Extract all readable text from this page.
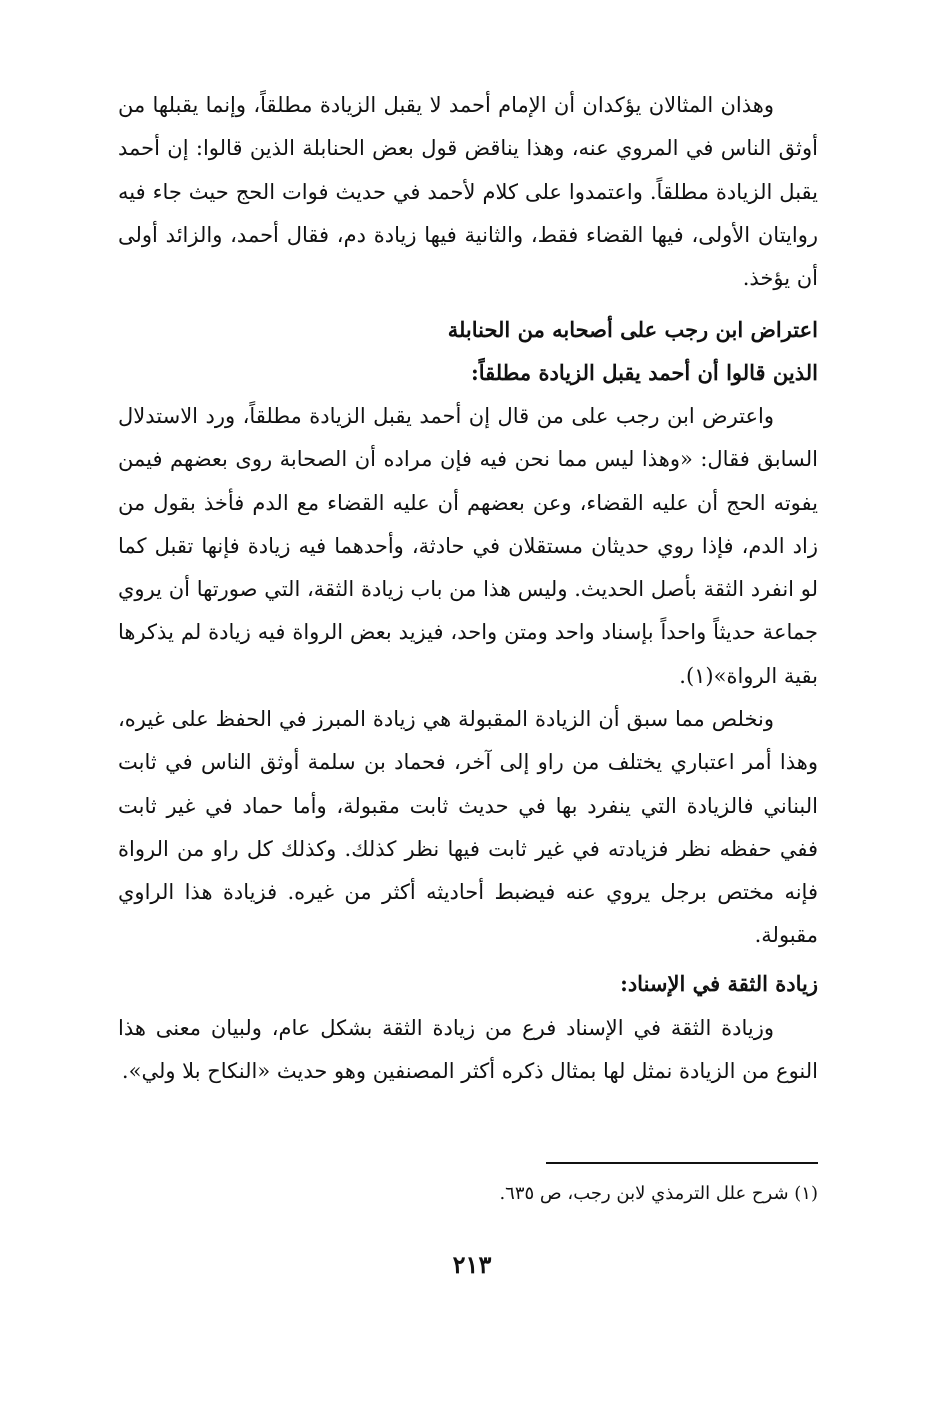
وهذان المثالان يؤكدان أن الإمام أحمد لا يقبل الزيادة مطلقاً، وإنما يقبلها من أوثق الناس في المروي عنه، وهذا يناقض قول بعض الحنابلة الذين قالوا: إن أحمد يقبل الزيادة مطلقاً. واعتمدوا على كلام لأحمد في حديث فوات الحج حيث جاء فيه روايتان الأولى، فيها القضاء فقط، والثانية فيها زيادة دم، فقال أحمد، والزائد أولى أن يؤخذ.

اعتراض ابن رجب على أصحابه من الحنابلة
الذين قالوا أن أحمد يقبل الزيادة مطلقاً:

واعترض ابن رجب على من قال إن أحمد يقبل الزيادة مطلقاً، ورد الاستدلال السابق فقال: «وهذا ليس مما نحن فيه فإن مراده أن الصحابة روى بعضهم فيمن يفوته الحج أن عليه القضاء، وعن بعضهم أن عليه القضاء مع الدم فأخذ بقول من زاد الدم، فإذا روي حديثان مستقلان في حادثة، وأحدهما فيه زيادة فإنها تقبل كما لو انفرد الثقة بأصل الحديث. وليس هذا من باب زيادة الثقة، التي صورتها أن يروي جماعة حديثاً واحداً بإسناد واحد ومتن واحد، فيزيد بعض الرواة فيه زيادة لم يذكرها بقية الرواة»(١).

ونخلص مما سبق أن الزيادة المقبولة هي زيادة المبرز في الحفظ على غيره، وهذا أمر اعتباري يختلف من راو إلى آخر، فحماد بن سلمة أوثق الناس في ثابت البناني فالزيادة التي ينفرد بها في حديث ثابت مقبولة، وأما حماد في غير ثابت ففي حفظه نظر فزيادته في غير ثابت فيها نظر كذلك. وكذلك كل راو من الرواة فإنه مختص برجل يروي عنه فيضبط أحاديثه أكثر من غيره. فزيادة هذا الراوي مقبولة.

زيادة الثقة في الإسناد:

وزيادة الثقة في الإسناد فرع من زيادة الثقة بشكل عام، ولبيان معنى هذا النوع من الزيادة نمثل لها بمثال ذكره أكثر المصنفين وهو حديث «النكاح بلا ولي».

(١) شرح علل الترمذي لابن رجب، ص ٦٣٥.

٢١٣
